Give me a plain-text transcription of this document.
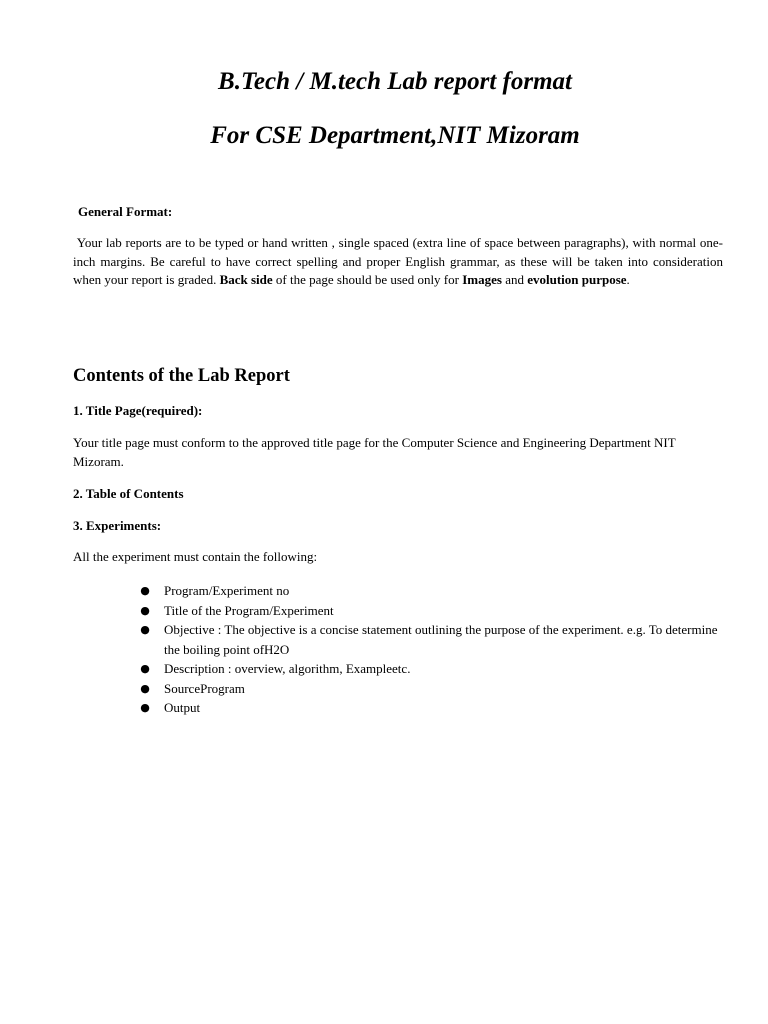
B.Tech / M.tech Lab report format
For CSE Department,NIT Mizoram
General Format:

Your lab reports are to be typed or hand written , single spaced (extra line of space between paragraphs), with normal one-inch margins. Be careful to have correct spelling and proper English grammar, as these will be taken into consideration when your report is graded. Back side of the page should be used only for Images and evolution purpose.

Contents of the Lab Report
1. Title Page(required):

Your title page must conform to the approved title page for the Computer Science and Engineering Department NIT Mizoram.

2. Table of Contents
3. Experiments:

All the experiment must contain the following:

● Program/Experiment no
● Title of the Program/Experiment
● Objective : The objective is a concise statement outlining the purpose of the experiment. e.g. To determine the boiling point ofH2O
● Description : overview, algorithm, Exampleetc.
● SourceProgram
● Output
